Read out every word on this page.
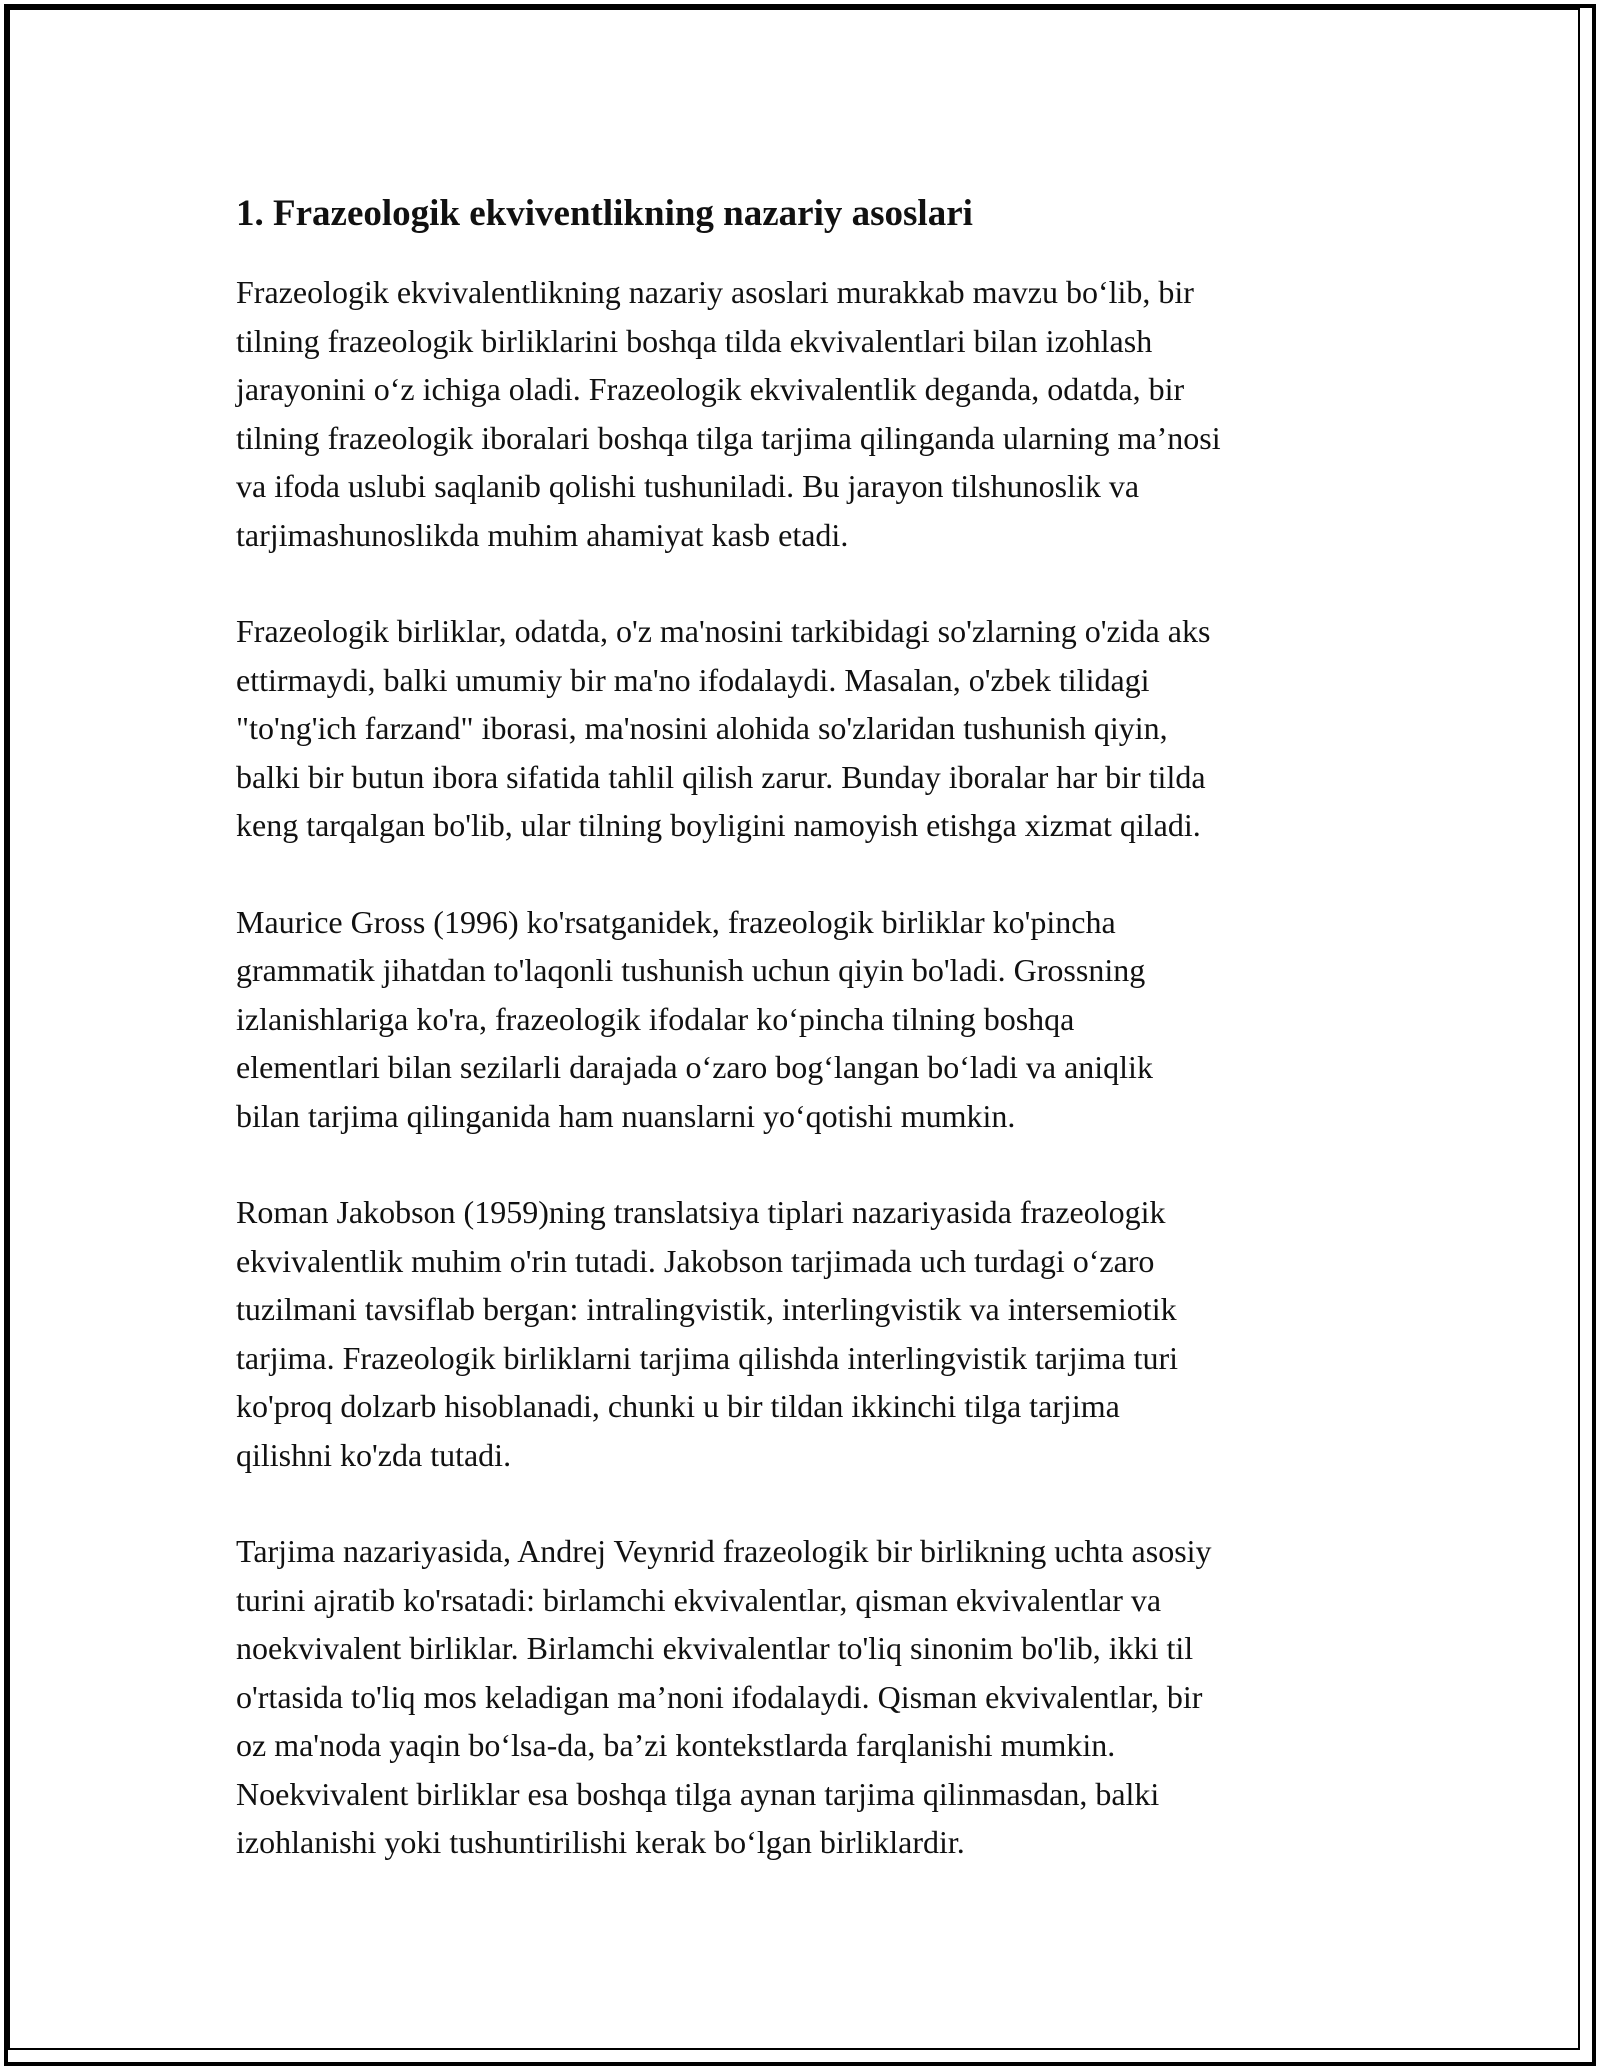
1. Frazeologik ekviventlikning nazariy asoslari

Frazeologik ekvivalentlikning nazariy asoslari murakkab mavzu bo‘lib, bir
tilning frazeologik birliklarini boshqa tilda ekvivalentlari bilan izohlash
jarayonini o‘z ichiga oladi. Frazeologik ekvivalentlik deganda, odatda, bir
tilning frazeologik iboralari boshqa tilga tarjima qilinganda ularning ma’nosi
va ifoda uslubi saqlanib qolishi tushuniladi. Bu jarayon tilshunoslik va
tarjimashunoslikda muhim ahamiyat kasb etadi.

Frazeologik birliklar, odatda, o'z ma'nosini tarkibidagi so'zlarning o'zida aks
ettirmaydi, balki umumiy bir ma'no ifodalaydi. Masalan, o'zbek tilidagi
"to'ng'ich farzand" iborasi, ma'nosini alohida so'zlaridan tushunish qiyin,
balki bir butun ibora sifatida tahlil qilish zarur. Bunday iboralar har bir tilda
keng tarqalgan bo'lib, ular tilning boyligini namoyish etishga xizmat qiladi.

Maurice Gross (1996) ko'rsatganidek, frazeologik birliklar ko'pincha
grammatik jihatdan to'laqonli tushunish uchun qiyin bo'ladi. Grossning
izlanishlariga ko'ra, frazeologik ifodalar ko‘pincha tilning boshqa
elementlari bilan sezilarli darajada o‘zaro bog‘langan bo‘ladi va aniqlik
bilan tarjima qilinganida ham nuanslarni yo‘qotishi mumkin.

Roman Jakobson (1959)ning translatsiya tiplari nazariyasida frazeologik
ekvivalentlik muhim o'rin tutadi. Jakobson tarjimada uch turdagi o‘zaro
tuzilmani tavsiflab bergan: intralingvistik, interlingvistik va intersemiotik
tarjima. Frazeologik birliklarni tarjima qilishda interlingvistik tarjima turi
ko'proq dolzarb hisoblanadi, chunki u bir tildan ikkinchi tilga tarjima
qilishni ko'zda tutadi.

Tarjima nazariyasida, Andrej Veynrid frazeologik bir birlikning uchta asosiy
turini ajratib ko'rsatadi: birlamchi ekvivalentlar, qisman ekvivalentlar va
noekvivalent birliklar. Birlamchi ekvivalentlar to'liq sinonim bo'lib, ikki til
o'rtasida to'liq mos keladigan ma’noni ifodalaydi. Qisman ekvivalentlar, bir
oz ma'noda yaqin bo‘lsa-da, ba’zi kontekstlarda farqlanishi mumkin.
Noekvivalent birliklar esa boshqa tilga aynan tarjima qilinmasdan, balki
izohlanishi yoki tushuntirilishi kerak bo‘lgan birliklardir.
